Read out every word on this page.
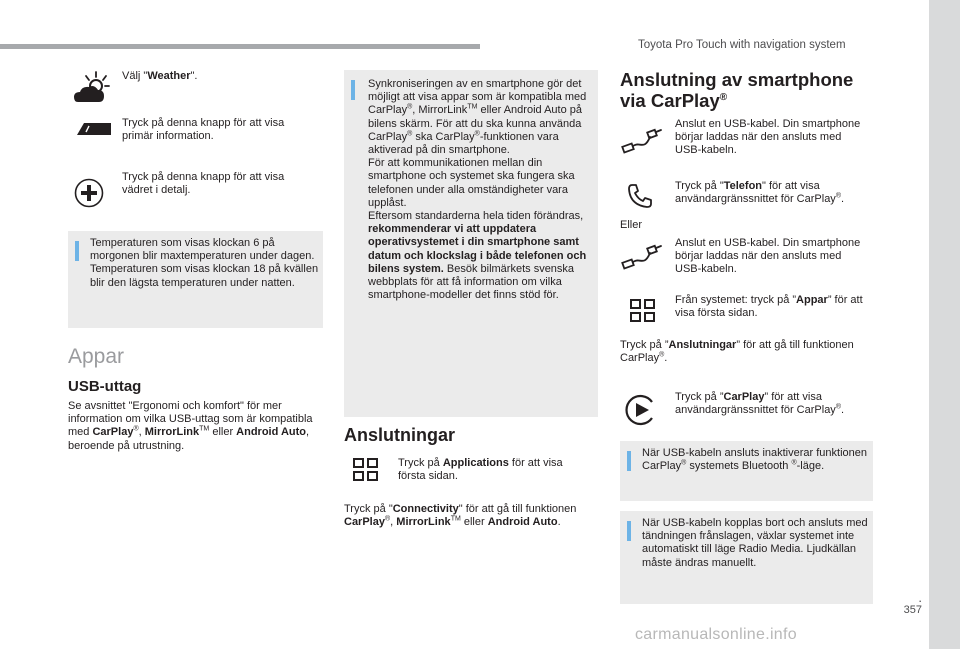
Toyota Pro Touch with navigation system
.
357
Välj "Weather".
Tryck på denna knapp för att visa primär information.
Tryck på denna knapp för att visa vädret i detalj.
Temperaturen som visas klockan 6 på morgonen blir maxtemperaturen under dagen.
Temperaturen som visas klockan 18 på kvällen blir den lägsta temperaturen under natten.
Appar
USB-uttag
Se avsnittet "Ergonomi och komfort" för mer information om vilka USB-uttag som är kompatibla med CarPlay®, MirrorLink™ eller Android Auto, beroende på utrustning.
Synkroniseringen av en smartphone gör det möjligt att visa appar som är kompatibla med CarPlay®, MirrorLink™ eller Android Auto på bilens skärm. För att du ska kunna använda CarPlay® ska CarPlay®-funktionen vara aktiverad på din smartphone.
För att kommunikationen mellan din smartphone och systemet ska fungera ska telefonen under alla omständigheter vara upplåst.
Eftersom standarderna hela tiden förändras, rekommenderar vi att uppdatera operativsystemet i din smartphone samt datum och klockslag i både telefonen och bilens system. Besök bilmärkets svenska webbplats för att få information om vilka smartphone-modeller det finns stöd för.
Anslutningar
Tryck på Applications för att visa första sidan.
Tryck på "Connectivity" för att gå till funktionen CarPlay®, MirrorLink™ eller Android Auto.
Anslutning av smartphone
via CarPlay®
Anslut en USB-kabel. Din smartphone börjar laddas när den ansluts med USB-kabeln.
Tryck på "Telefon" för att visa användargränssnittet för CarPlay®.
Eller
Anslut en USB-kabel. Din smartphone börjar laddas när den ansluts med USB-kabeln.
Från systemet: tryck på ”Appar” för att visa första sidan.
Tryck på ”Anslutningar” för att gå till funktionen CarPlay®.
Tryck på ”CarPlay” för att visa användargränssnittet för CarPlay®.
När USB-kabeln ansluts inaktiverar funktionen CarPlay® systemets Bluetooth ®-läge.
När USB-kabeln kopplas bort och ansluts med tändningen frånslagen, växlar systemet inte automatiskt till läge Radio Media. Ljudkällan måste ändras manuellt.
carmanualsonline.info
